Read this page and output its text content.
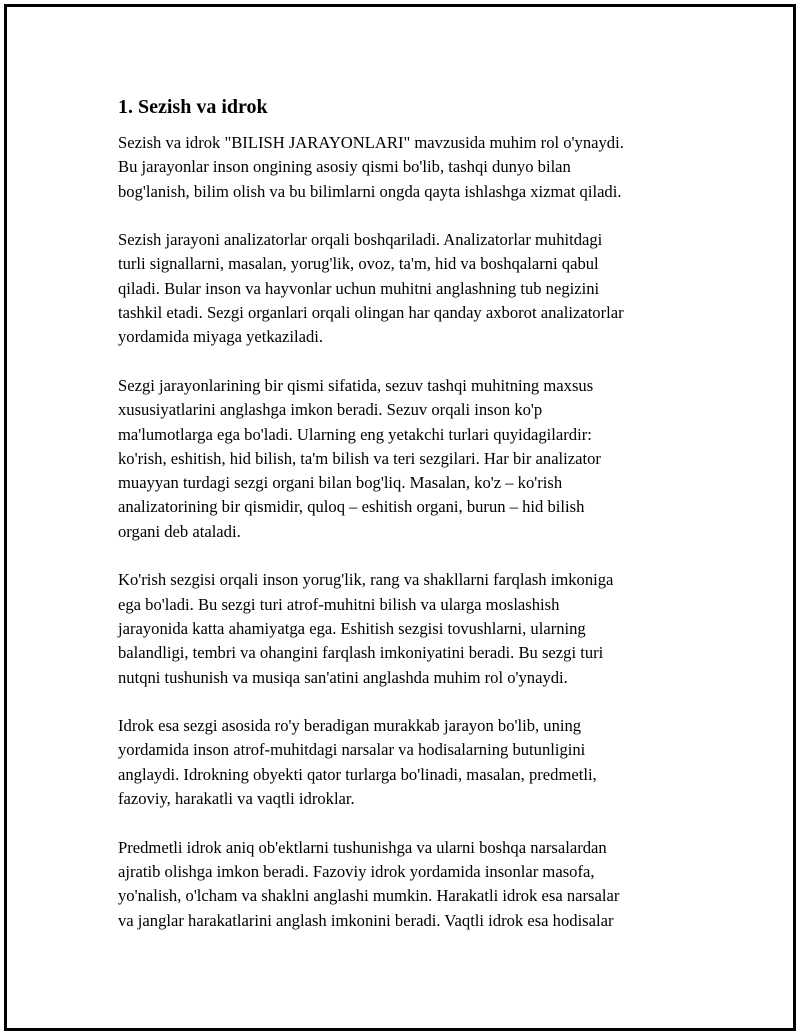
1. Sezish va idrok

Sezish va idrok "BILISH JARAYONLARI" mavzusida muhim rol o'ynaydi.
Bu jarayonlar inson ongining asosiy qismi bo'lib, tashqi dunyo bilan
bog'lanish, bilim olish va bu bilimlarni ongda qayta ishlashga xizmat qiladi.

Sezish jarayoni analizatorlar orqali boshqariladi. Analizatorlar muhitdagi
turli signallarni, masalan, yorug'lik, ovoz, ta'm, hid va boshqalarni qabul
qiladi. Bular inson va hayvonlar uchun muhitni anglashning tub negizini
tashkil etadi. Sezgi organlari orqali olingan har qanday axborot analizatorlar
yordamida miyaga yetkaziladi.

Sezgi jarayonlarining bir qismi sifatida, sezuv tashqi muhitning maxsus
xususiyatlarini anglashga imkon beradi. Sezuv orqali inson ko'p
ma'lumotlarga ega bo'ladi. Ularning eng yetakchi turlari quyidagilardir:
ko'rish, eshitish, hid bilish, ta'm bilish va teri sezgilari. Har bir analizator
muayyan turdagi sezgi organi bilan bog'liq. Masalan, ko'z – ko'rish
analizatorining bir qismidir, quloq – eshitish organi, burun – hid bilish
organi deb ataladi.

Ko'rish sezgisi orqali inson yorug'lik, rang va shakllarni farqlash imkoniga
ega bo'ladi. Bu sezgi turi atrof-muhitni bilish va ularga moslashish
jarayonida katta ahamiyatga ega. Eshitish sezgisi tovushlarni, ularning
balandligi, tembri va ohangini farqlash imkoniyatini beradi. Bu sezgi turi
nutqni tushunish va musiqa san'atini anglashda muhim rol o'ynaydi.

Idrok esa sezgi asosida ro'y beradigan murakkab jarayon bo'lib, uning
yordamida inson atrof-muhitdagi narsalar va hodisalarning butunligini
anglaydi. Idrokning obyekti qator turlarga bo'linadi, masalan, predmetli,
fazoviy, harakatli va vaqtli idroklar.

Predmetli idrok aniq ob'ektlarni tushunishga va ularni boshqa narsalardan
ajratib olishga imkon beradi. Fazoviy idrok yordamida insonlar masofa,
yo'nalish, o'lcham va shaklni anglashi mumkin. Harakatli idrok esa narsalar
va janglar harakatlarini anglash imkonini beradi. Vaqtli idrok esa hodisalar
